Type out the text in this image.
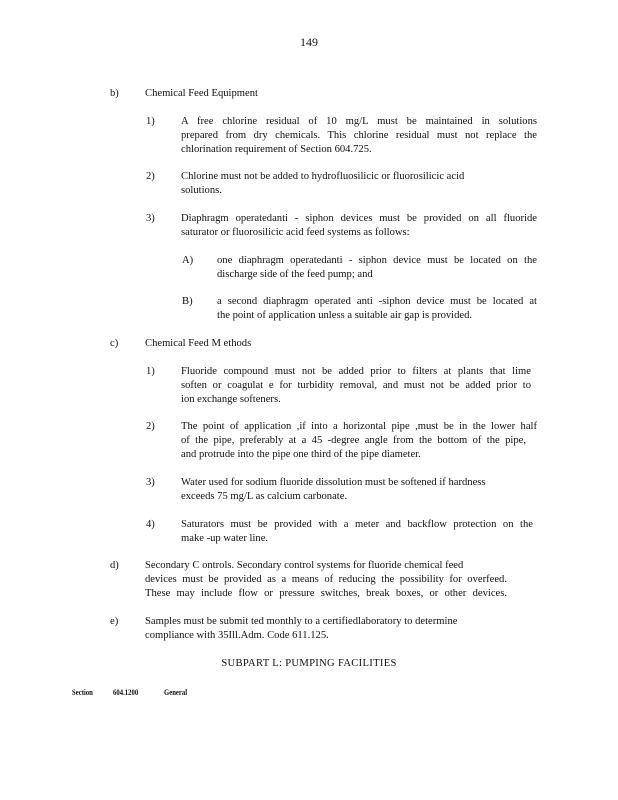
149
b) Chemical Feed Equipment
1) A free chlorine residual of 10 mg/L must be maintained in solutions
prepared from dry chemicals. This chlorine residual must not replace the
chlorination requirement of Section 604.725.
2) Chlorine must not be added to hydrofluosilicic or fluorosilicic acid
solutions.
3) Diaphragm operatedanti - siphon devices must be provided on all fluoride
saturator or fluorosilicic acid feed systems as follows:
A) one diaphragm operatedanti - siphon device must be located on the
discharge side of the feed pump; and
B) a second diaphragm operated anti -siphon device must be located at
the point of application unless a suitable air gap is provided.
c)	Chemical Feed M ethods
1) Fluoride compound must not be added prior to filters at plants that lime
soften or coagulat e for turbidity removal, and must not be added prior to
ion exchange softeners.
2) The point of application ,if into a horizontal pipe ,must be in the lower half
of the pipe, preferably at a 45 -degree angle from the bottom of the pipe,
and protrude into the pipe one third of the pipe diameter.
3) Water used for sodium fluoride dissolution must be softened if hardness
exceeds 75 mg/L as calcium carbonate.
4) Saturators must be provided with a meter and backflow protection on the
make -up water line.
d) Secondary C ontrols. Secondary control systems for fluoride chemical feed
devices must be provided as a means of reducing the possibility for overfeed.
These may include flow or pressure switches, break boxes, or other devices.
e)	Samples must be submit ted monthly to a certifiedlaboratory to determine
compliance with 35Ill.Adm. Code 611.125.
SUBPART L: PUMPING FACILITIES
Section 604.1200	General
